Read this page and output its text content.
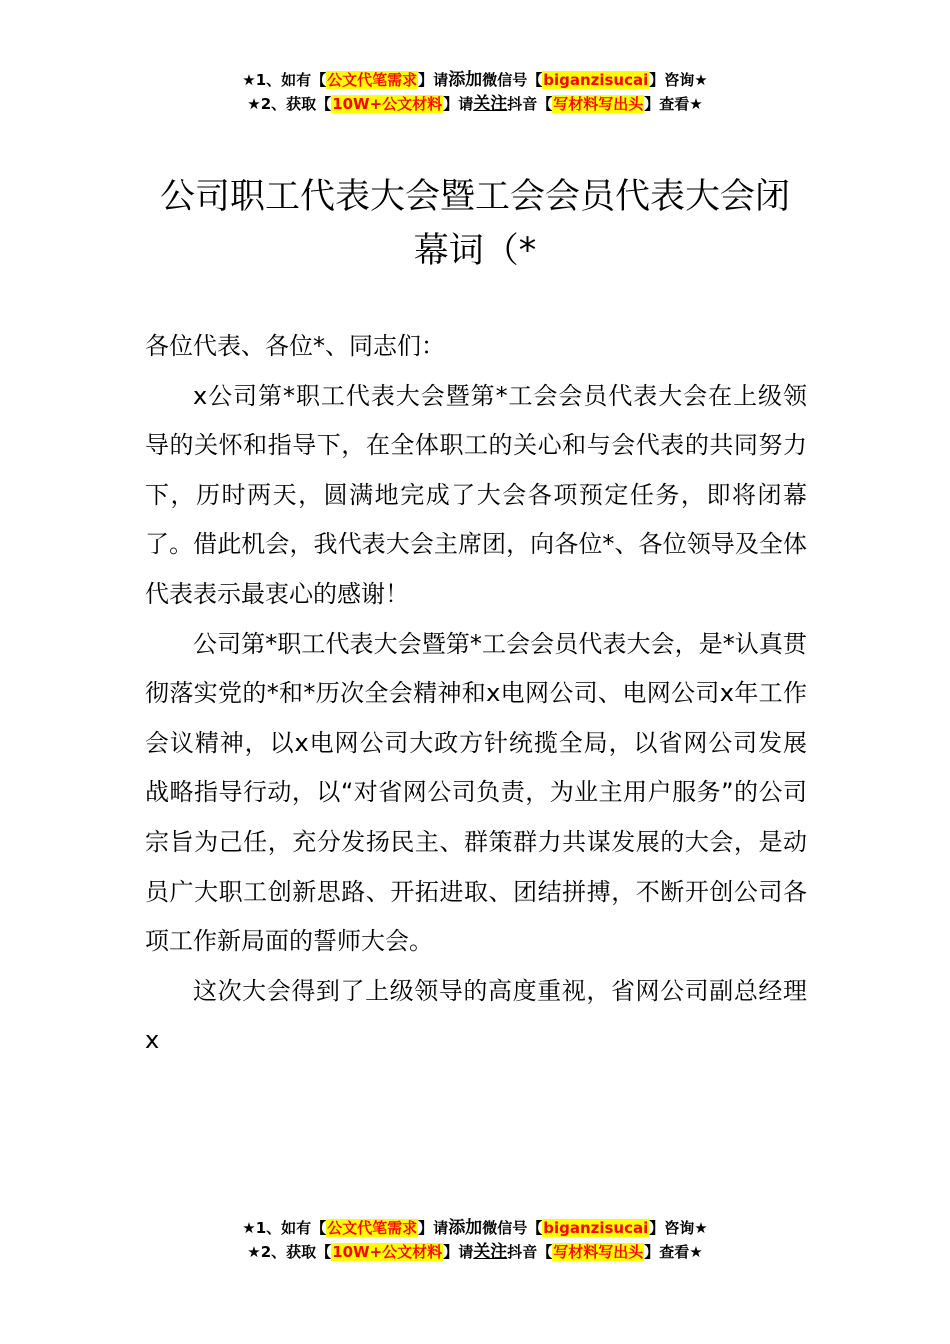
★1、如有【公文代笔需求】请添加微信号【biganzisucai】咨询★
★2、获取【10W+公文材料】请关注抖音【写材料写出头】查看★
公司职工代表大会暨工会会员代表大会闭幕词（*

各位代表、各位*、同志们：

x公司第*职工代表大会暨第*工会会员代表大会在上级领导的关怀和指导下，在全体职工的关心和与会代表的共同努力下，历时两天，圆满地完成了大会各项预定任务，即将闭幕了。借此机会，我代表大会主席团，向各位*、各位领导及全体代表表示最衷心的感谢！

公司第*职工代表大会暨第*工会会员代表大会，是*认真贯彻落实党的*和*历次全会精神和x电网公司、电网公司x年工作会议精神，以x电网公司大政方针统揽全局，以省网公司发展战略指导行动，以“对省网公司负责，为业主用户服务”的公司宗旨为己任，充分发扬民主、群策群力共谋发展的大会，是动员广大职工创新思路、开拓进取、团结拼搏，不断开创公司各项工作新局面的誓师大会。

这次大会得到了上级领导的高度重视，省网公司副总经理x

★1、如有【公文代笔需求】请添加微信号【biganzisucai】咨询★
★2、获取【10W+公文材料】请关注抖音【写材料写出头】查看★
